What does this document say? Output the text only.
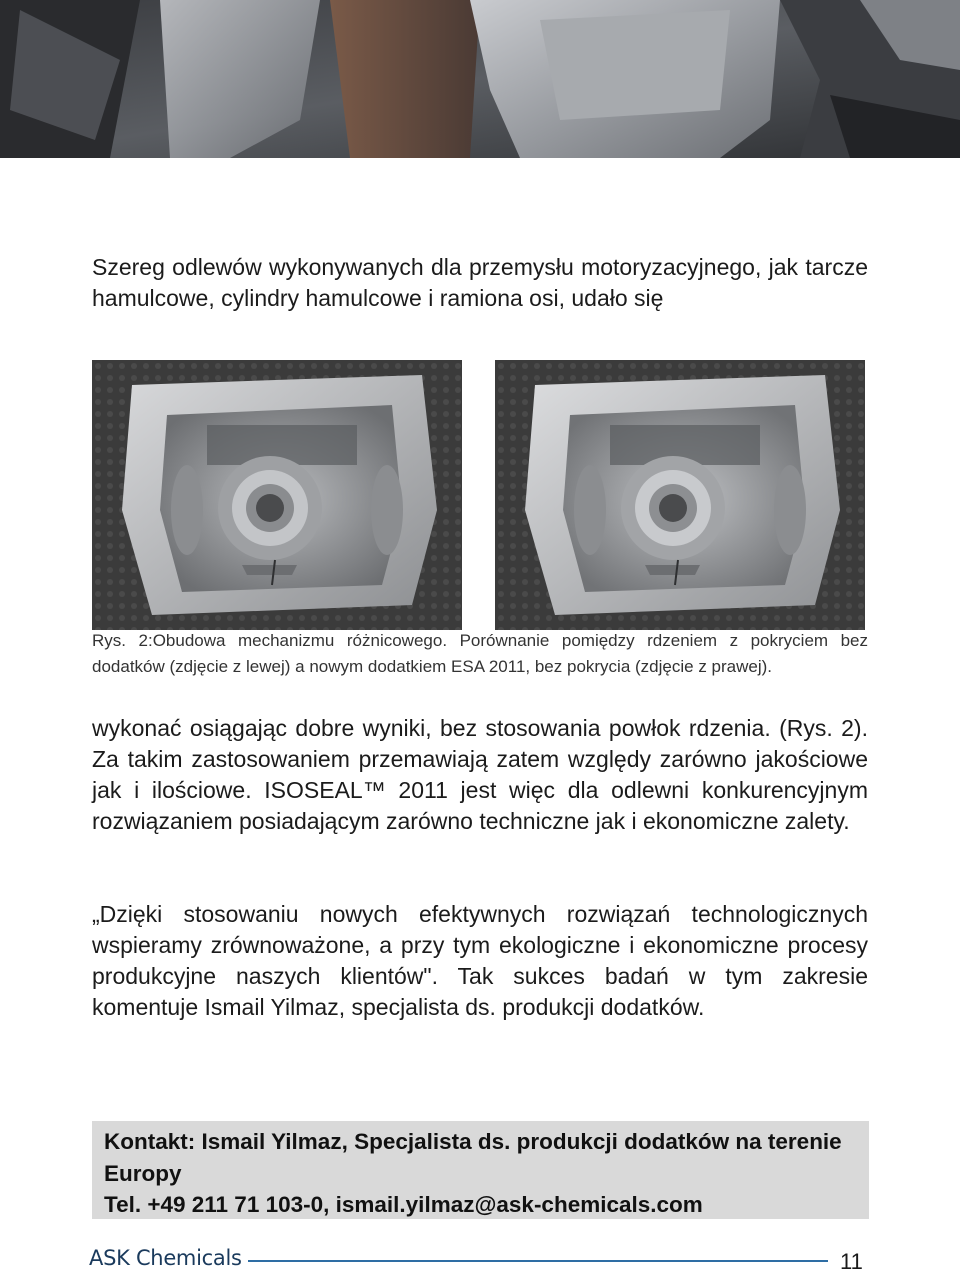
Szereg odlewów wykonywanych dla przemysłu motoryzacyjnego, jak tarcze hamulcowe, cylindry hamulcowe i ramiona osi, udało się

Rys. 2:Obudowa mechanizmu różnicowego. Porównanie pomiędzy rdzeniem z pokryciem bez dodatków (zdjęcie z lewej) a nowym dodatkiem ESA 2011, bez pokrycia (zdjęcie z prawej).

wykonać osiągając dobre wyniki, bez stosowania powłok rdzenia. (Rys. 2). Za takim zastosowaniem przemawiają zatem względy zarówno jakościowe jak i ilościowe. ISOSEAL™ 2011 jest więc dla odlewni konkurencyjnym rozwiązaniem posiadającym zarówno techniczne jak i ekonomiczne zalety.

„Dzięki stosowaniu nowych efektywnych rozwiązań technologicznych wspieramy zrównoważone, a przy tym ekologiczne i ekonomiczne procesy produkcyjne naszych klientów". Tak sukces badań w tym zakresie komentuje Ismail Yilmaz, specjalista ds. produkcji dodatków.

Kontakt: Ismail Yilmaz, Specjalista ds. produkcji dodatków na terenie Europy

Tel. +49 211 71 103-0, ismail.yilmaz@ask-chemicals.com

ASK Chemicals	11
